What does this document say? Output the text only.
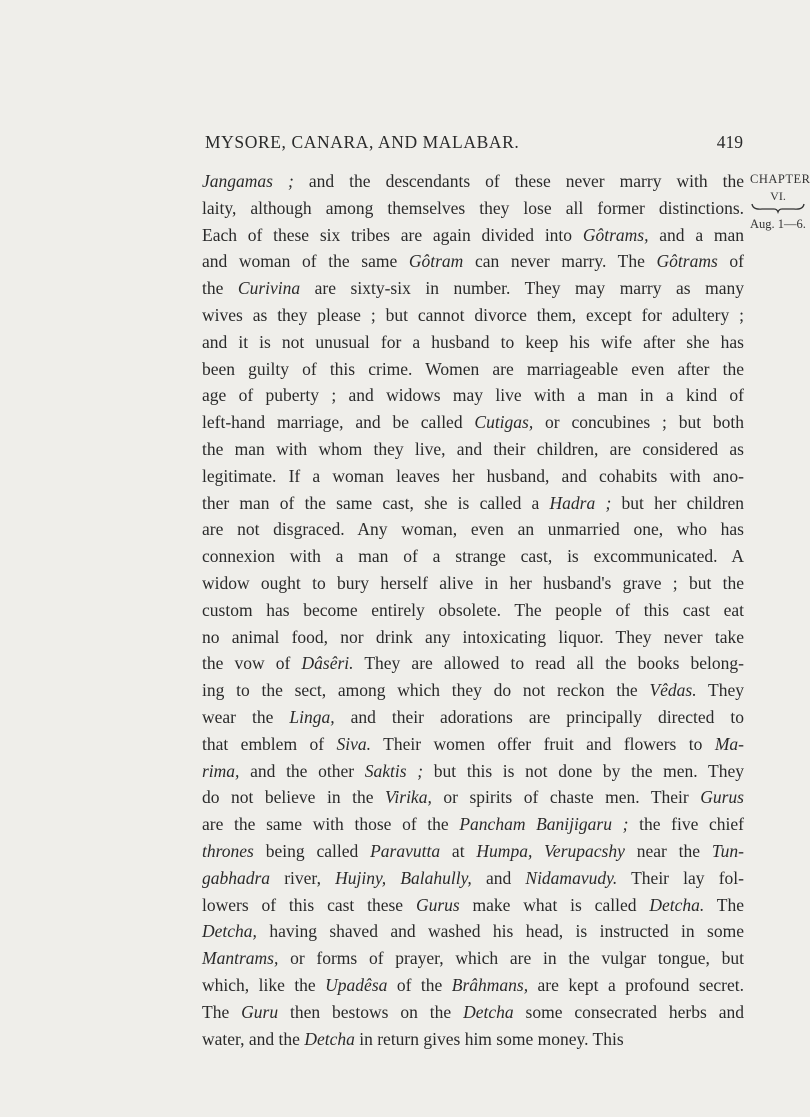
MYSORE, CANARA, AND MALABAR.	419
CHAPTER
VI.
Aug. 1—6.
Jangamas ; and the descendants of these never marry with the
laity, although among themselves they lose all former distinctions.
Each of these six tribes are again divided into Gôtrams, and a man
and woman of the same Gôtram can never marry. The Gôtrams of
the Curivina are sixty-six in number. They may marry as many
wives as they please ; but cannot divorce them, except for adultery ;
and it is not unusual for a husband to keep his wife after she has
been guilty of this crime. Women are marriageable even after the
age of puberty ; and widows may live with a man in a kind of
left-hand marriage, and be called Cutigas, or concubines ; but both
the man with whom they live, and their children, are considered as
legitimate. If a woman leaves her husband, and cohabits with ano-
ther man of the same cast, she is called a Hadra ; but her children
are not disgraced. Any woman, even an unmarried one, who has
connexion with a man of a strange cast, is excommunicated. A
widow ought to bury herself alive in her husband's grave ; but the
custom has become entirely obsolete. The people of this cast eat
no animal food, nor drink any intoxicating liquor. They never take
the vow of Dâsêri. They are allowed to read all the books belong-
ing to the sect, among which they do not reckon the Vêdas. They
wear the Linga, and their adorations are principally directed to
that emblem of Siva. Their women offer fruit and flowers to Ma-
rima, and the other Saktis ; but this is not done by the men. They
do not believe in the Virika, or spirits of chaste men. Their Gurus
are the same with those of the Pancham Banijigaru ; the five chief
thrones being called Paravutta at Humpa, Verupacshy near the Tun-
gabhadra river, Hujiny, Balahully, and Nidamavudy. Their lay fol-
lowers of this cast these Gurus make what is called Detcha. The
Detcha, having shaved and washed his head, is instructed in some
Mantrams, or forms of prayer, which are in the vulgar tongue, but
which, like the Upadêsa of the Brâhmans, are kept a profound secret.
The Guru then bestows on the Detcha some consecrated herbs and
water, and the Detcha in return gives him some money. This
